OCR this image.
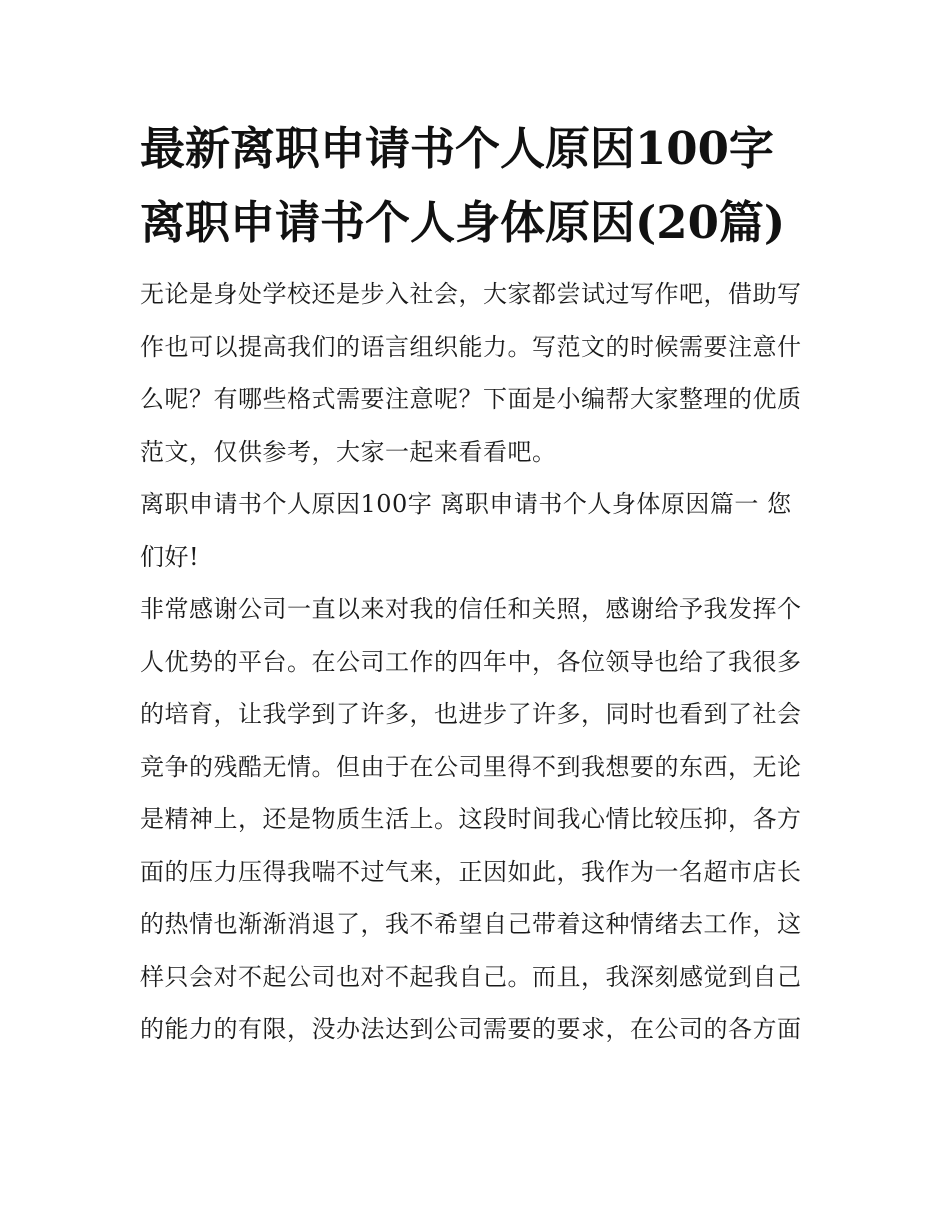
最新离职申请书个人原因100字 离职申请书个人身体原因(20篇)

无论是身处学校还是步入社会，大家都尝试过写作吧，借助写作也可以提高我们的语言组织能力。写范文的时候需要注意什么呢？有哪些格式需要注意呢？下面是小编帮大家整理的优质范文，仅供参考，大家一起来看看吧。

离职申请书个人原因100字 离职申请书个人身体原因篇一 您们好!

非常感谢公司一直以来对我的信任和关照，感谢给予我发挥个人优势的平台。在公司工作的四年中，各位领导也给了我很多的培育，让我学到了许多，也进步了许多，同时也看到了社会竞争的残酷无情。但由于在公司里得不到我想要的东西，无论是精神上，还是物质生活上。这段时间我心情比较压抑，各方面的压力压得我喘不过气来，正因如此，我作为一名超市店长的热情也渐渐消退了，我不希望自己带着这种情绪去工作，这样只会对不起公司也对不起我自己。而且，我深刻感觉到自己的能力的有限，没办法达到公司需要的要求，在公司的各方面
